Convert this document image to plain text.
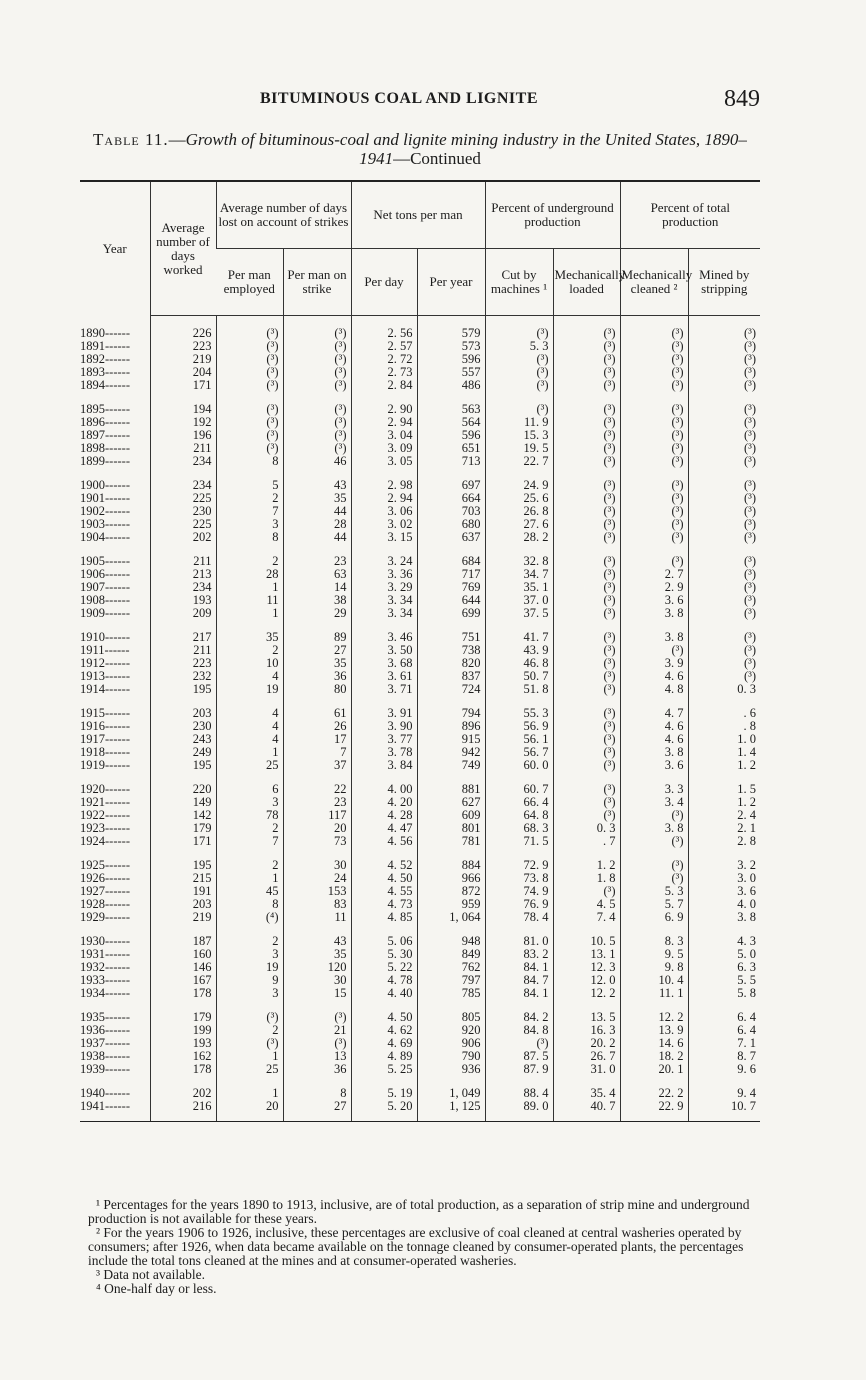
BITUMINOUS COAL AND LIGNITE	849
Table 11.—Growth of bituminous-coal and lignite mining industry in the United States, 1890–1941—Continued
Year	Average number of days worked	Average number of days lost on account of strikes		Net tons per man		Percent of underground production		Percent of total production	
		Per man employed	Per man on strike	Per day	Per year	Cut by machines ¹	Mechanically loaded	Mechanically cleaned ²	Mined by stripping

1890------	226	(³)	(³)	2. 56	579	(³)	(³)	(³)	(³)
1891------	223	(³)	(³)	2. 57	573	5. 3	(³)	(³)	(³)
1892------	219	(³)	(³)	2. 72	596	(³)	(³)	(³)	(³)
1893------	204	(³)	(³)	2. 73	557	(³)	(³)	(³)	(³)
1894------	171	(³)	(³)	2. 84	486	(³)	(³)	(³)	(³)

1895------	194	(³)	(³)	2. 90	563	(³)	(³)	(³)	(³)
1896------	192	(³)	(³)	2. 94	564	11. 9	(³)	(³)	(³)
1897------	196	(³)	(³)	3. 04	596	15. 3	(³)	(³)	(³)
1898------	211	(³)	(³)	3. 09	651	19. 5	(³)	(³)	(³)
1899------	234	8	46	3. 05	713	22. 7	(³)	(³)	(³)

1900------	234	5	43	2. 98	697	24. 9	(³)	(³)	(³)
1901------	225	2	35	2. 94	664	25. 6	(³)	(³)	(³)
1902------	230	7	44	3. 06	703	26. 8	(³)	(³)	(³)
1903------	225	3	28	3. 02	680	27. 6	(³)	(³)	(³)
1904------	202	8	44	3. 15	637	28. 2	(³)	(³)	(³)

1905------	211	2	23	3. 24	684	32. 8	(³)	(³)	(³)
1906------	213	28	63	3. 36	717	34. 7	(³)	2. 7	(³)
1907------	234	1	14	3. 29	769	35. 1	(³)	2. 9	(³)
1908------	193	11	38	3. 34	644	37. 0	(³)	3. 6	(³)
1909------	209	1	29	3. 34	699	37. 5	(³)	3. 8	(³)

1910------	217	35	89	3. 46	751	41. 7	(³)	3. 8	(³)
1911------	211	2	27	3. 50	738	43. 9	(³)	(³)	(³)
1912------	223	10	35	3. 68	820	46. 8	(³)	3. 9	(³)
1913------	232	4	36	3. 61	837	50. 7	(³)	4. 6	(³)
1914------	195	19	80	3. 71	724	51. 8	(³)	4. 8	0. 3

1915------	203	4	61	3. 91	794	55. 3	(³)	4. 7	. 6
1916------	230	4	26	3. 90	896	56. 9	(³)	4. 6	. 8
1917------	243	4	17	3. 77	915	56. 1	(³)	4. 6	1. 0
1918------	249	1	7	3. 78	942	56. 7	(³)	3. 8	1. 4
1919------	195	25	37	3. 84	749	60. 0	(³)	3. 6	1. 2

1920------	220	6	22	4. 00	881	60. 7	(³)	3. 3	1. 5
1921------	149	3	23	4. 20	627	66. 4	(³)	3. 4	1. 2
1922------	142	78	117	4. 28	609	64. 8	(³)	(³)	2. 4
1923------	179	2	20	4. 47	801	68. 3	0. 3	3. 8	2. 1
1924------	171	7	73	4. 56	781	71. 5	. 7	(³)	2. 8

1925------	195	2	30	4. 52	884	72. 9	1. 2	(³)	3. 2
1926------	215	1	24	4. 50	966	73. 8	1. 8	(³)	3. 0
1927------	191	45	153	4. 55	872	74. 9	(³)	5. 3	3. 6
1928------	203	8	83	4. 73	959	76. 9	4. 5	5. 7	4. 0
1929------	219	(⁴)	11	4. 85	1, 064	78. 4	7. 4	6. 9	3. 8

1930------	187	2	43	5. 06	948	81. 0	10. 5	8. 3	4. 3
1931------	160	3	35	5. 30	849	83. 2	13. 1	9. 5	5. 0
1932------	146	19	120	5. 22	762	84. 1	12. 3	9. 8	6. 3
1933------	167	9	30	4. 78	797	84. 7	12. 0	10. 4	5. 5
1934------	178	3	15	4. 40	785	84. 1	12. 2	11. 1	5. 8

1935------	179	(³)	(³)	4. 50	805	84. 2	13. 5	12. 2	6. 4
1936------	199	2	21	4. 62	920	84. 8	16. 3	13. 9	6. 4
1937------	193	(³)	(³)	4. 69	906	(³)	20. 2	14. 6	7. 1
1938------	162	1	13	4. 89	790	87. 5	26. 7	18. 2	8. 7
1939------	178	25	36	5. 25	936	87. 9	31. 0	20. 1	9. 6

1940------	202	1	8	5. 19	1, 049	88. 4	35. 4	22. 2	9. 4
1941------	216	20	27	5. 20	1, 125	89. 0	40. 7	22. 9	10. 7

¹ Percentages for the years 1890 to 1913, inclusive, are of total production, as a separation of strip mine and underground production is not available for these years.

² For the years 1906 to 1926, inclusive, these percentages are exclusive of coal cleaned at central washeries operated by consumers; after 1926, when data became available on the tonnage cleaned by consumer-operated plants, the percentages include the total tons cleaned at the mines and at consumer-operated washeries.

³ Data not available.

⁴ One-half day or less.
